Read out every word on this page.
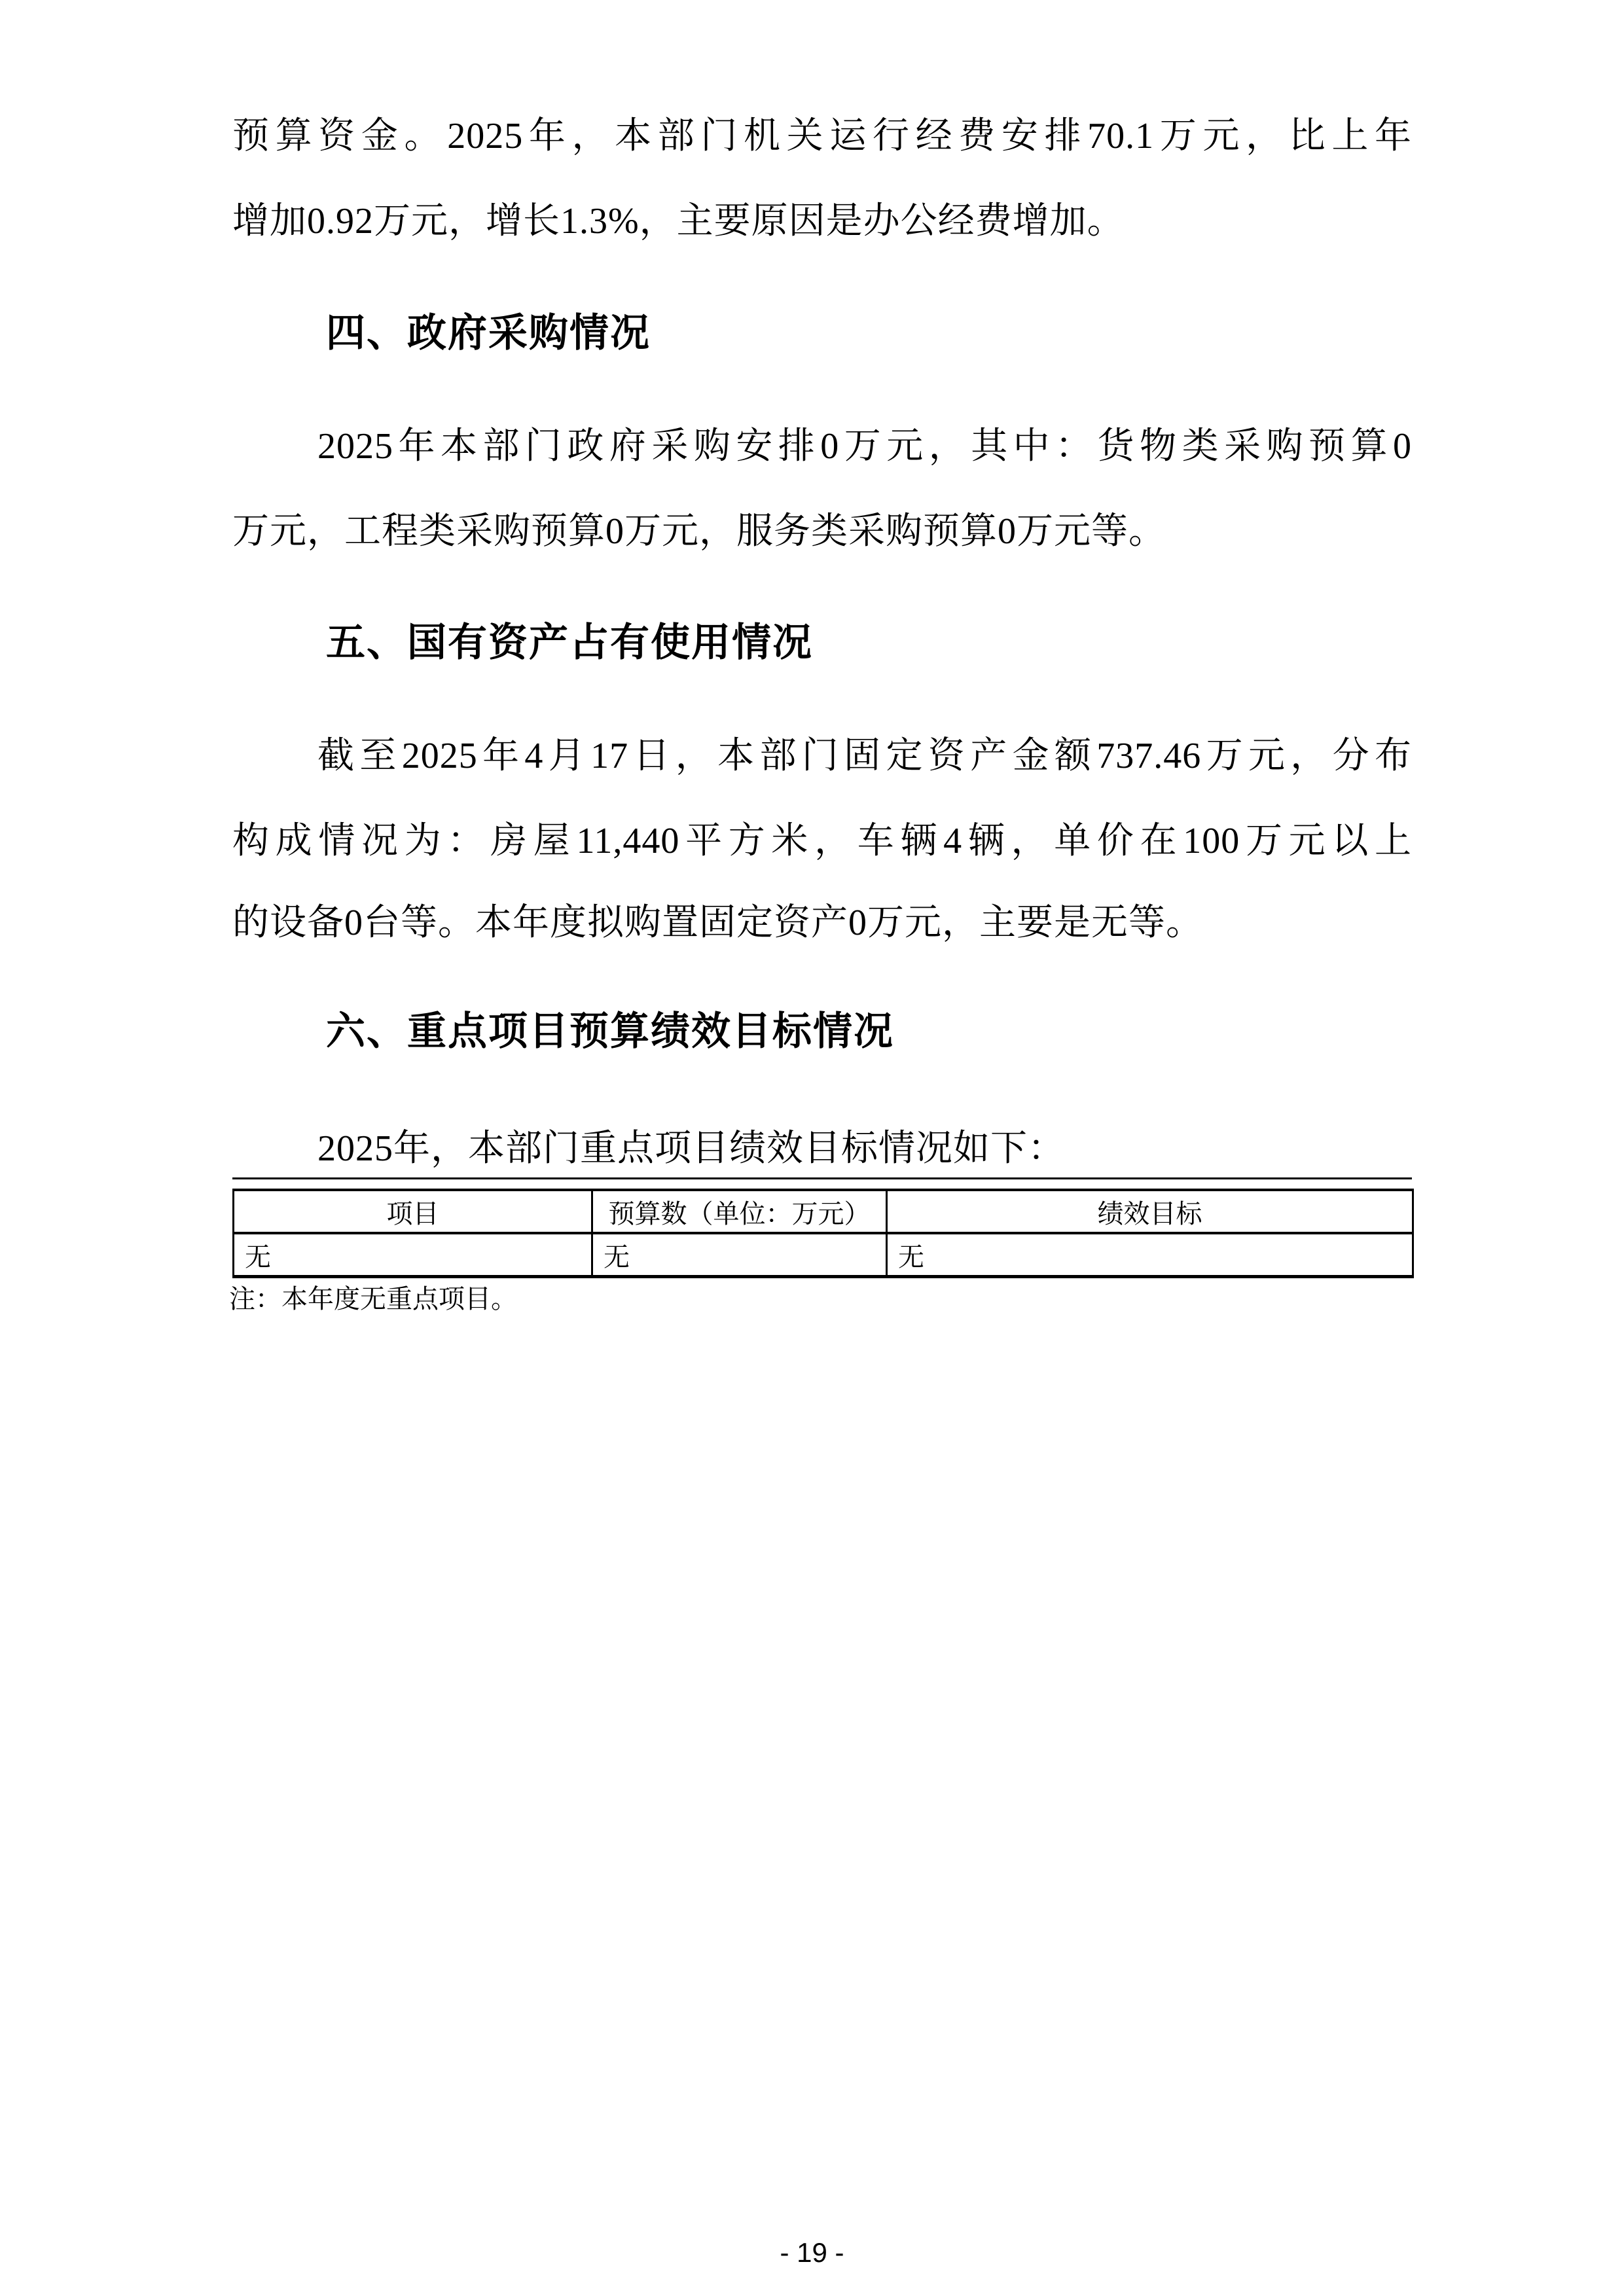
预算资金。2025年，本部门机关运行经费安排70.1万元，比上年
增加0.92万元，增长1.3%，主要原因是办公经费增加。
四、政府采购情况
2025年本部门政府采购安排0万元，其中：货物类采购预算0
万元，工程类采购预算0万元，服务类采购预算0万元等。
五、国有资产占有使用情况
截至2025年4月17日，本部门固定资产金额737.46万元，分布
构成情况为：房屋11,440平方米，车辆4辆，单价在100万元以上
的设备0台等。本年度拟购置固定资产0万元，主要是无等。
六、重点项目预算绩效目标情况
2025年，本部门重点项目绩效目标情况如下：
项目	预算数（单位：万元）	绩效目标
无	无	无
注：本年度无重点项目。
- 19 -
